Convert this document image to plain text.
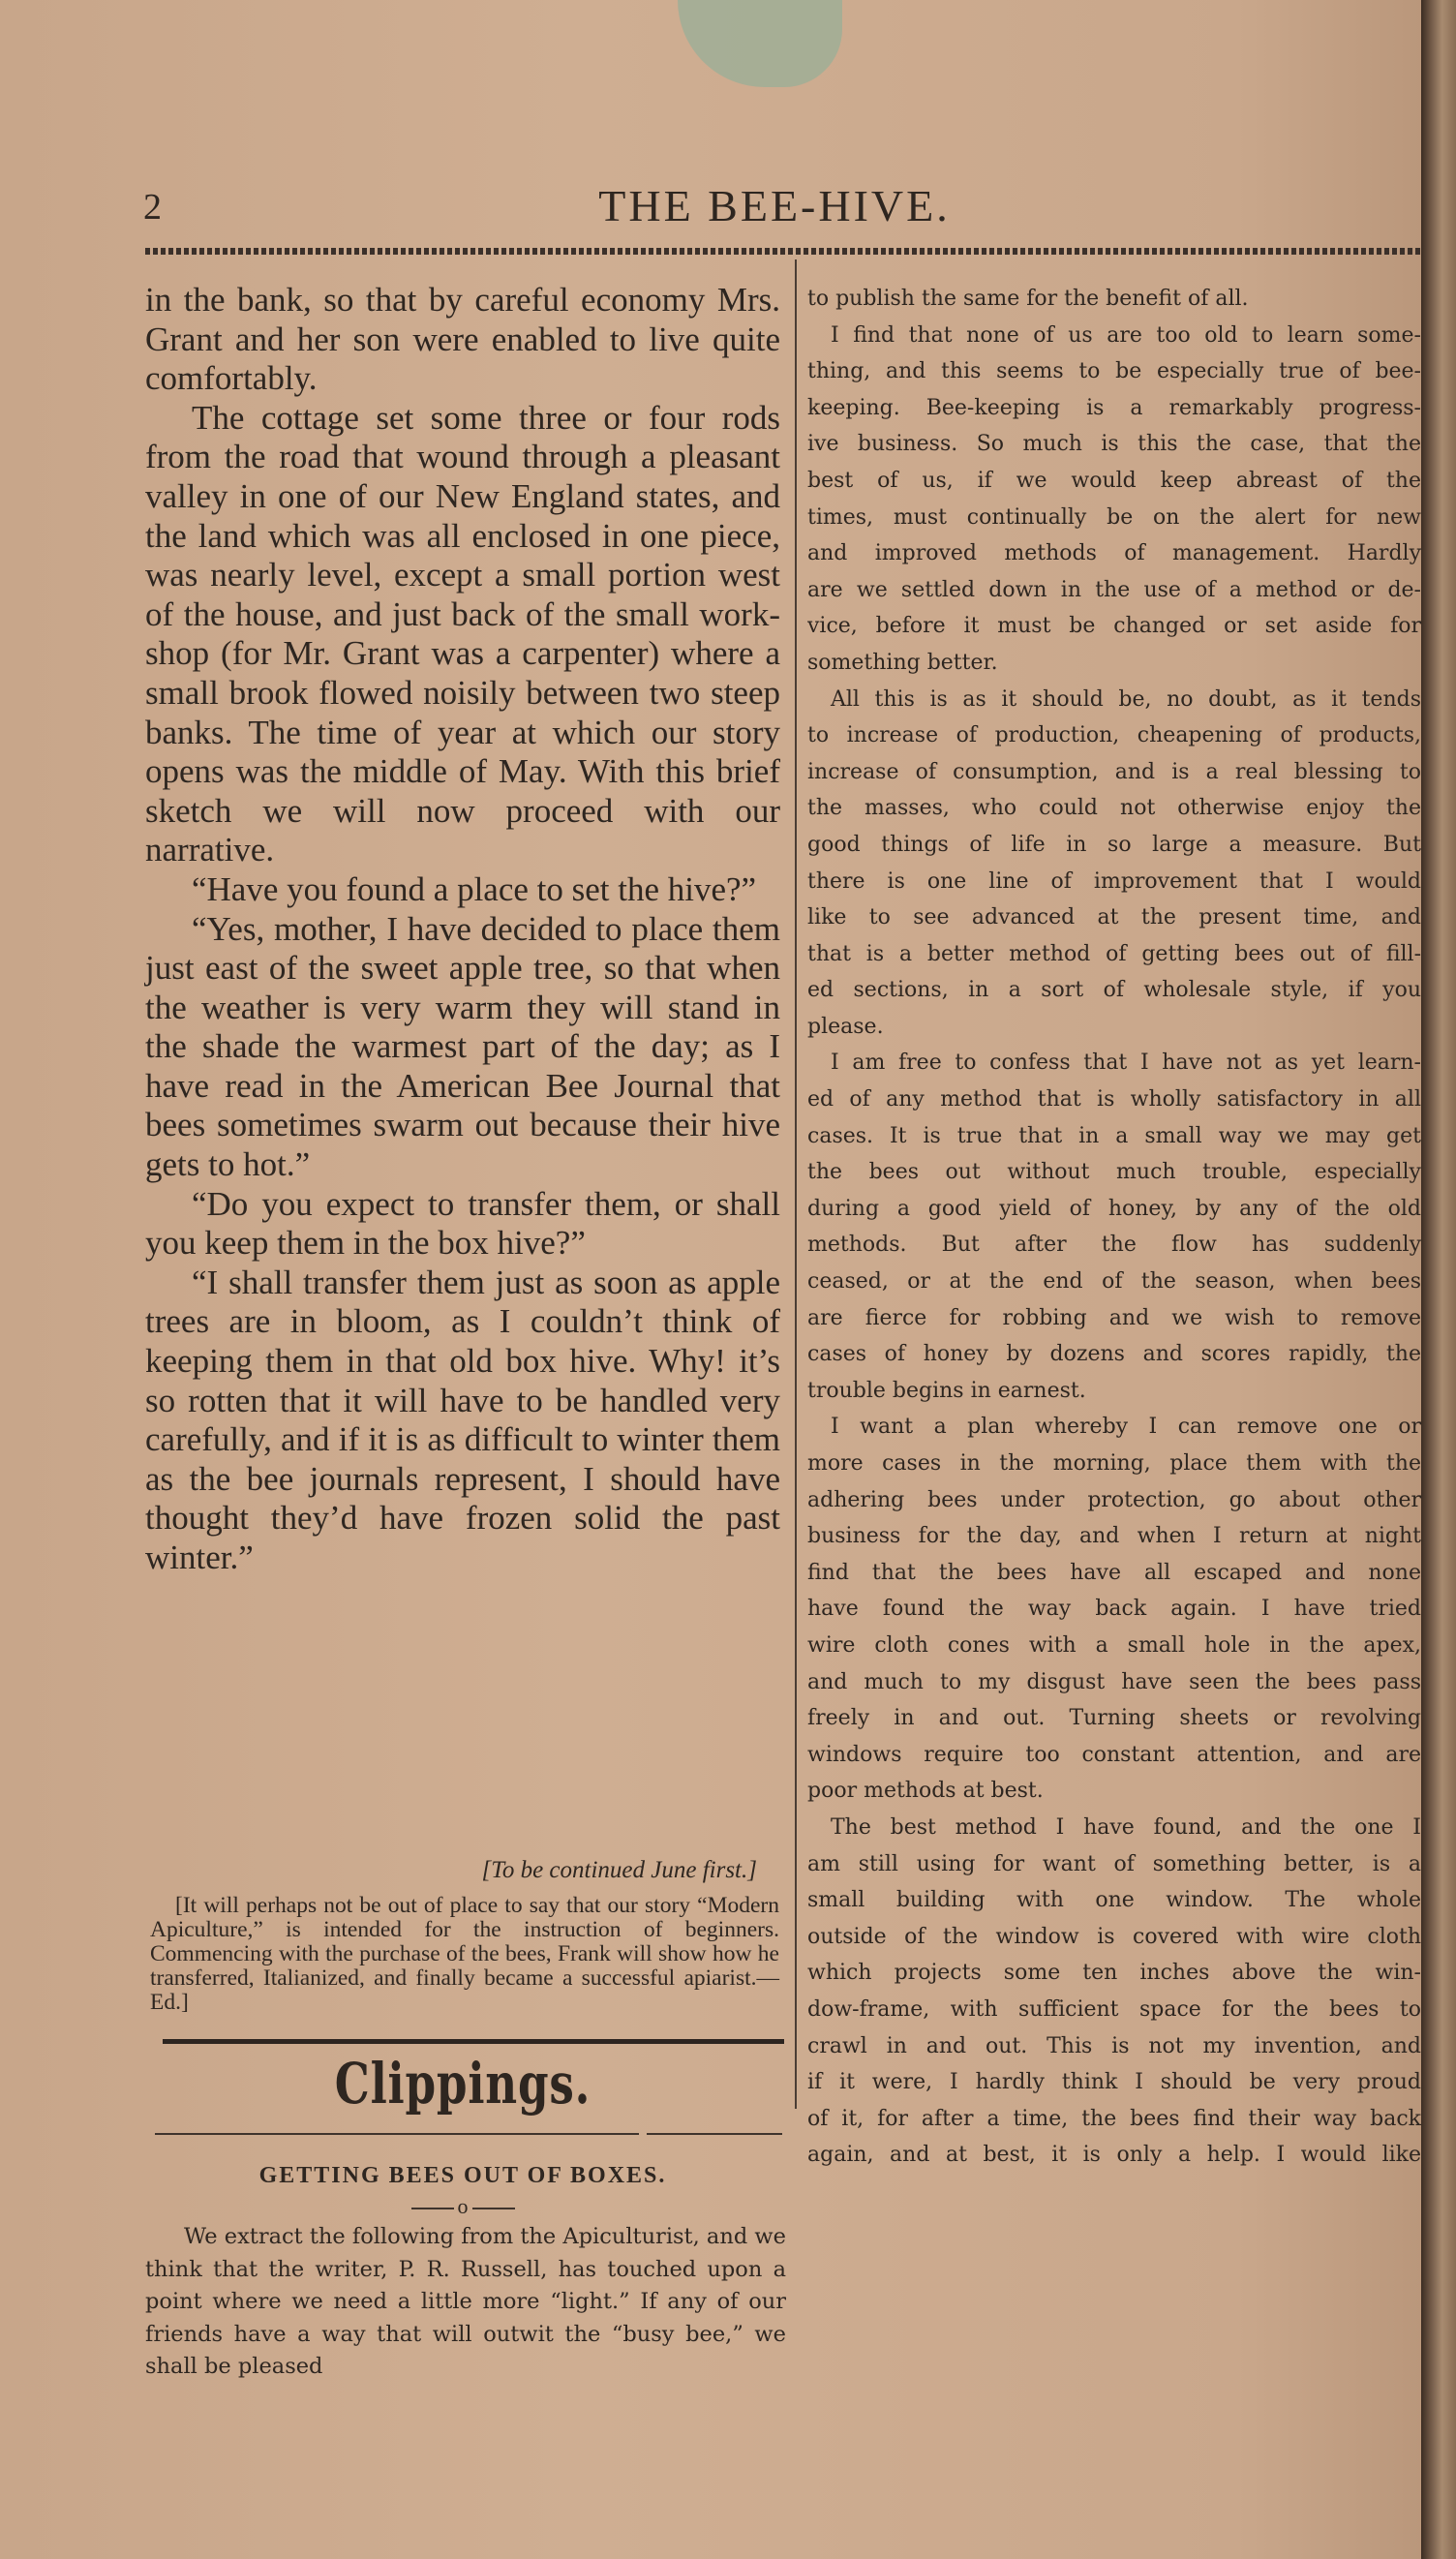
2	THE BEE-HIVE.

in the bank, so that by careful economy Mrs. Grant and her son were enabled to live quite comfortably.

The cottage set some three or four rods from the road that wound through a pleasant valley in one of our New England states, and the land which was all enclosed in one piece, was nearly level, except a small portion west of the house, and just back of the small work-shop (for Mr. Grant was a carpenter) where a small brook flowed noisily between two steep banks. The time of year at which our story opens was the middle of May. With this brief sketch we will now proceed with our narrative.

“Have you found a place to set the hive?”

“Yes, mother, I have decided to place them just east of the sweet apple tree, so that when the weather is very warm they will stand in the shade the warmest part of the day; as I have read in the American Bee Journal that bees sometimes swarm out because their hive gets to hot.”

“Do you expect to transfer them, or shall you keep them in the box hive?”

“I shall transfer them just as soon as apple trees are in bloom, as I couldn’t think of keeping them in that old box hive. Why! it’s so rotten that it will have to be handled very carefully, and if it is as difficult to winter them as the bee journals represent, I should have thought they’d have frozen solid the past winter.”

[To be continued June first.]
[It will perhaps not be out of place to say that our story “Modern Apiculture,” is intended for the instruction of beginners. Commencing with the purchase of the bees, Frank will show how he transferred, Italianized, and finally became a successful apiarist.—Ed.]
Clippings.
GETTING BEES OUT OF BOXES.
o

We extract the following from the Apiculturist, and we think that the writer, P. R. Russell, has touched upon a point where we need a little more “light.” If any of our friends have a way that will outwit the “busy bee,” we shall be pleased

to publish the same for the benefit of all.
I find that none of us are too old to learn some-
thing, and this seems to be especially true of bee-
keeping. Bee-keeping is a remarkably progress-
ive business. So much is this the case, that the
best of us, if we would keep abreast of the
times, must continually be on the alert for new
and improved methods of management. Hardly
are we settled down in the use of a method or de-
vice, before it must be changed or set aside for
something better.
All this is as it should be, no doubt, as it tends
to increase of production, cheapening of products,
increase of consumption, and is a real blessing to
the masses, who could not otherwise enjoy the
good things of life in so large a measure. But
there is one line of improvement that I would
like to see advanced at the present time, and
that is a better method of getting bees out of fill-
ed sections, in a sort of wholesale style, if you
please.
I am free to confess that I have not as yet learn-
ed of any method that is wholly satisfactory in all
cases. It is true that in a small way we may get
the bees out without much trouble, especially
during a good yield of honey, by any of the old
methods. But after the flow has suddenly
ceased, or at the end of the season, when bees
are fierce for robbing and we wish to remove
cases of honey by dozens and scores rapidly, the
trouble begins in earnest.
I want a plan whereby I can remove one or
more cases in the morning, place them with the
adhering bees under protection, go about other
business for the day, and when I return at night
find that the bees have all escaped and none
have found the way back again. I have tried
wire cloth cones with a small hole in the apex,
and much to my disgust have seen the bees pass
freely in and out. Turning sheets or revolving
windows require too constant attention, and are
poor methods at best.
The best method I have found, and the one I
am still using for want of something better, is a
small building with one window. The whole
outside of the window is covered with wire cloth
which projects some ten inches above the win-
dow-frame, with sufficient space for the bees to
crawl in and out. This is not my invention, and
if it were, I hardly think I should be very proud
of it, for after a time, the bees find their way back
again, and at best, it is only a help. I would like
